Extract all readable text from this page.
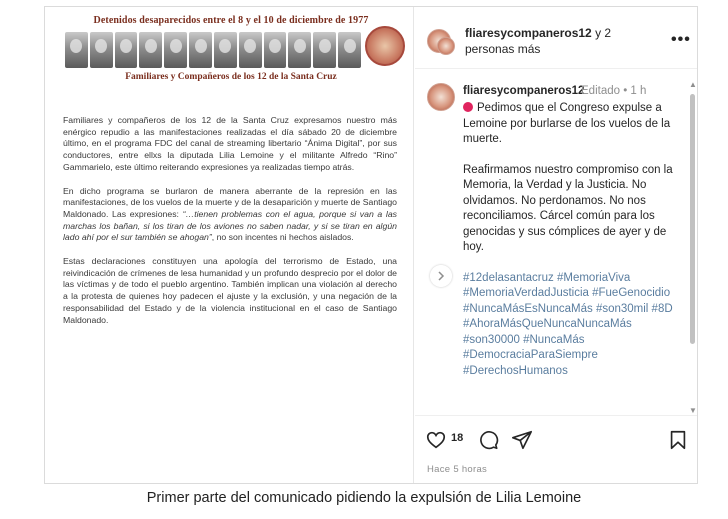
Detenidos desaparecidos entre el 8 y el 10 de diciembre de 1977
Familiares y Compañeros de los 12 de la Santa Cruz

Familiares y compañeros de los 12 de la Santa Cruz expresamos nuestro más enérgico repudio a las manifestaciones realizadas el día sábado 20 de diciembre último, en el programa FDC del canal de streaming libertario “Ánima Digital”, por sus conductores, entre ellxs la diputada Lilia Lemoine y el militante Alfredo “Rino” Gammarielo, este último reiterando expresiones ya realizadas tiempo atrás.

En dicho programa se burlaron de manera aberrante de la represión en las manifestaciones, de los vuelos de la muerte y de la desaparición y muerte de Santiago Maldonado. Las expresiones: “…tienen problemas con el agua, porque si van a las marchas los bañan, si los tiran de los aviones no saben nadar, y si se tiran en algún lado ahí por el sur también se ahogan”, no son incentes ni hechos aislados.

Estas declaraciones constituyen una apología del terrorismo de Estado, una reivindicación de crímenes de lesa humanidad y un profundo desprecio por el dolor de las víctimas y de todo el pueblo argentino. También implican una violación al derecho a la protesta de quienes hoy padecen el ajuste y la exclusión, y una negación de la responsabilidad del Estado y de la violencia institucional en el caso de Santiago Maldonado.

fliaresycompaneros12 y 2 personas más
•••
fliaresycompaneros12
Editado • 1 h

Pedimos que el Congreso expulse a Lemoine por burlarse de los vuelos de la muerte.

Reafirmamos nuestro compromiso con la Memoria, la Verdad y la Justicia. No olvidamos. No perdonamos. No nos reconciliamos. Cárcel común para los genocidas y sus cómplices de ayer y de hoy.

#12delasantacruz #MemoriaViva #MemoriaVerdadJusticia #FueGenocidio #NuncaMásEsNuncaMás #son30mil #8D #AhoraMásQueNuncaNuncaMás #son30000 #NuncaMás #DemocraciaParaSiempre #DerechosHumanos

▲
▼
18
Hace 5 horas
Primer parte del comunicado pidiendo la expulsión de Lilia Lemoine
